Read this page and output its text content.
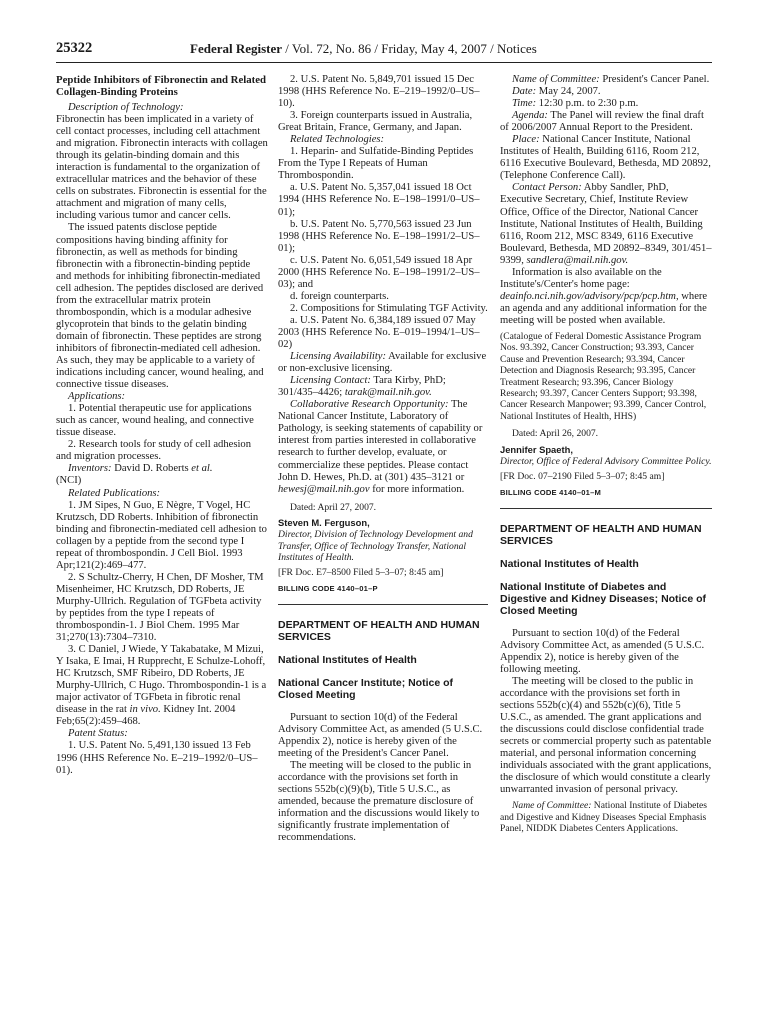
25322	Federal Register / Vol. 72, No. 86 / Friday, May 4, 2007 / Notices

Peptide Inhibitors of Fibronectin and Related Collagen-Binding Proteins

Description of Technology:

Fibronectin has been implicated in a variety of cell contact processes, including cell attachment and migration. Fibronectin interacts with collagen through its gelatin-binding domain and this interaction is fundamental to the organization of extracellular matrices and the behavior of these cells on substrates. Fibronectin is essential for the attachment and migration of many cells, including various tumor and cancer cells.

The issued patents disclose peptide compositions having binding affinity for fibronectin, as well as methods for binding fibronectin with a fibronectin-binding peptide and methods for inhibiting fibronectin-mediated cell adhesion. The peptides disclosed are derived from the extracellular matrix protein thrombospondin, which is a modular adhesive glycoprotein that binds to the gelatin binding domain of fibronectin. These peptides are strong inhibitors of fibronectin-mediated cell adhesion. As such, they may be applicable to a variety of indications including cancer, wound healing, and connective tissue diseases.

Applications:

1. Potential therapeutic use for applications such as cancer, wound healing, and connective tissue disease.

2. Research tools for study of cell adhesion and migration processes.

Inventors: David D. Roberts et al.

(NCI)

Related Publications:

1. JM Sipes, N Guo, E Nègre, T Vogel, HC Krutzsch, DD Roberts. Inhibition of fibronectin binding and fibronectin-mediated cell adhesion to collagen by a peptide from the second type I repeat of thrombospondin. J Cell Biol. 1993 Apr;121(2):469–477.

2. S Schultz-Cherry, H Chen, DF Mosher, TM Misenheimer, HC Krutzsch, DD Roberts, JE Murphy-Ullrich. Regulation of TGFbeta activity by peptides from the type I repeats of thrombospondin-1. J Biol Chem. 1995 Mar 31;270(13):7304–7310.

3. C Daniel, J Wiede, Y Takabatake, M Mizui, Y Isaka, E Imai, H Rupprecht, E Schulze-Lohoff, HC Krutzsch, SMF Ribeiro, DD Roberts, JE Murphy-Ullrich, C Hugo. Thrombospondin-1 is a major activator of TGFbeta in fibrotic renal disease in the rat in vivo. Kidney Int. 2004 Feb;65(2):459–468.

Patent Status:

1. U.S. Patent No. 5,491,130 issued 13 Feb 1996 (HHS Reference No. E–219–1992/0–US–01).

2. U.S. Patent No. 5,849,701 issued 15 Dec 1998 (HHS Reference No. E–219–1992/0–US–10).

3. Foreign counterparts issued in Australia, Great Britain, France, Germany, and Japan.

Related Technologies:

1. Heparin- and Sulfatide-Binding Peptides From the Type I Repeats of Human Thrombospondin.

a. U.S. Patent No. 5,357,041 issued 18 Oct 1994 (HHS Reference No. E–198–1991/0–US–01);

b. U.S. Patent No. 5,770,563 issued 23 Jun 1998 (HHS Reference No. E–198–1991/2–US–01);

c. U.S. Patent No. 6,051,549 issued 18 Apr 2000 (HHS Reference No. E–198–1991/2–US–03); and

d. foreign counterparts.

2. Compositions for Stimulating TGF Activity.

a. U.S. Patent No. 6,384,189 issued 07 May 2003 (HHS Reference No. E–019–1994/1–US–02)

Licensing Availability: Available for exclusive or non-exclusive licensing.

Licensing Contact: Tara Kirby, PhD; 301/435–4426; tarak@mail.nih.gov.

Collaborative Research Opportunity: The National Cancer Institute, Laboratory of Pathology, is seeking statements of capability or interest from parties interested in collaborative research to further develop, evaluate, or commercialize these peptides. Please contact John D. Hewes, Ph.D. at (301) 435–3121 or hewesj@mail.nih.gov for more information.

Dated: April 27, 2007.

Steven M. Ferguson,

Director, Division of Technology Development and Transfer, Office of Technology Transfer, National Institutes of Health.

[FR Doc. E7–8500 Filed 5–3–07; 8:45 am]

BILLING CODE 4140–01–P

DEPARTMENT OF HEALTH AND HUMAN SERVICES

National Institutes of Health

National Cancer Institute; Notice of Closed Meeting

Pursuant to section 10(d) of the Federal Advisory Committee Act, as amended (5 U.S.C. Appendix 2), notice is hereby given of the meeting of the President's Cancer Panel.

The meeting will be closed to the public in accordance with the provisions set forth in sections 552b(c)(9)(b), Title 5 U.S.C., as amended, because the premature disclosure of information and the discussions would likely to significantly frustrate implementation of recommendations.

Name of Committee: President's Cancer Panel.

Date: May 24, 2007.

Time: 12:30 p.m. to 2:30 p.m.

Agenda: The Panel will review the final draft of 2006/2007 Annual Report to the President.

Place: National Cancer Institute, National Institutes of Health, Building 6116, Room 212, 6116 Executive Boulevard, Bethesda, MD 20892, (Telephone Conference Call).

Contact Person: Abby Sandler, PhD, Executive Secretary, Chief, Institute Review Office, Office of the Director, National Cancer Institute, National Institutes of Health, Building 6116, Room 212, MSC 8349, 6116 Executive Boulevard, Bethesda, MD 20892–8349, 301/451–9399, sandlera@mail.nih.gov.

Information is also available on the Institute's/Center's home page: deainfo.nci.nih.gov/advisory/pcp/pcp.htm, where an agenda and any additional information for the meeting will be posted when available.

(Catalogue of Federal Domestic Assistance Program Nos. 93.392, Cancer Construction; 93.393, Cancer Cause and Prevention Research; 93.394, Cancer Detection and Diagnosis Research; 93.395, Cancer Treatment Research; 93.396, Cancer Biology Research; 93.397, Cancer Centers Support; 93.398, Cancer Research Manpower; 93.399, Cancer Control, National Institutes of Health, HHS)

Dated: April 26, 2007.

Jennifer Spaeth,

Director, Office of Federal Advisory Committee Policy.

[FR Doc. 07–2190 Filed 5–3–07; 8:45 am]

BILLING CODE 4140–01–M

DEPARTMENT OF HEALTH AND HUMAN SERVICES

National Institutes of Health

National Institute of Diabetes and Digestive and Kidney Diseases; Notice of Closed Meeting

Pursuant to section 10(d) of the Federal Advisory Committee Act, as amended (5 U.S.C. Appendix 2), notice is hereby given of the following meeting.

The meeting will be closed to the public in accordance with the provisions set forth in sections 552b(c)(4) and 552b(c)(6), Title 5 U.S.C., as amended. The grant applications and the discussions could disclose confidential trade secrets or commercial property such as patentable material, and personal information concerning individuals associated with the grant applications, the disclosure of which would constitute a clearly unwarranted invasion of personal privacy.

Name of Committee: National Institute of Diabetes and Digestive and Kidney Diseases Special Emphasis Panel, NIDDK Diabetes Centers Applications.
